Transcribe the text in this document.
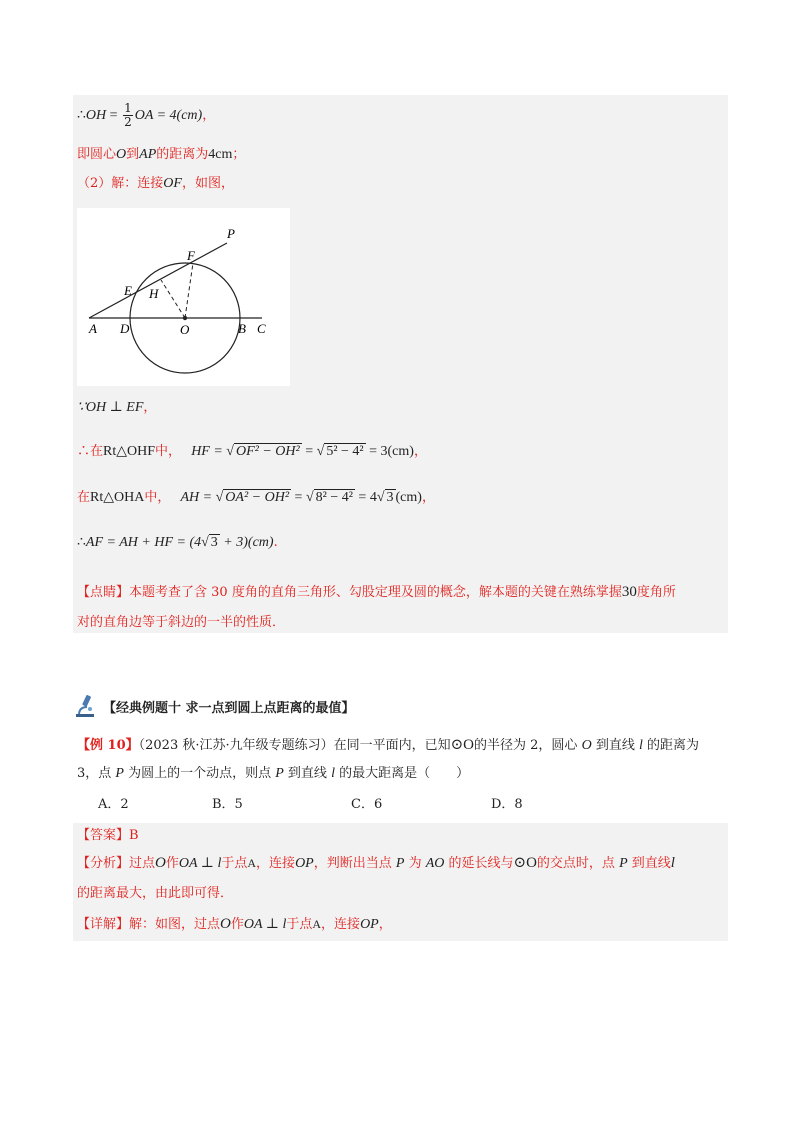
∴OH = $\frac{1}{2}$ OA = 4(cm)，
即圆心O到AP的距离为4cm；
（2）解：连接OF，如图，
P
F
E H
A D	O	B C
∵OH ⊥ EF，
∴在Rt△OHF中， HF = √ OF² − OH² = √ 5² − 4² = 3(cm)，
在Rt△OHA中， AH = √ OA² − OH² = √ 8² − 4² = 4√ 3 (cm)，
∴AF = AH + HF = (4√ 3 + 3)(cm).
【点睛】本题考查了含 30 度角的直角三角形、勾股定理及圆的概念，解本题的关键在熟练掌握30度角所
对的直角边等于斜边的一半的性质．
【经典例题十 求一点到圆上点距离的最值】
【例 10】（2023 秋·江苏·九年级专题练习）在同一平面内，已知⊙O的半径为 2，圆心 O 到直线 l 的距离为
3，点 P 为圆上的一个动点，则点 P 到直线 l 的最大距离是（　　）
A．2	B．5	C．6	D．8
【答案】B
【分析】过点O作OA ⊥ l于点A，连接OP，判断出当点 P 为 AO 的延长线与⊙O的交点时，点 P 到直线l
的距离最大，由此即可得．
【详解】解：如图，过点O作OA ⊥ l于点A，连接OP，
